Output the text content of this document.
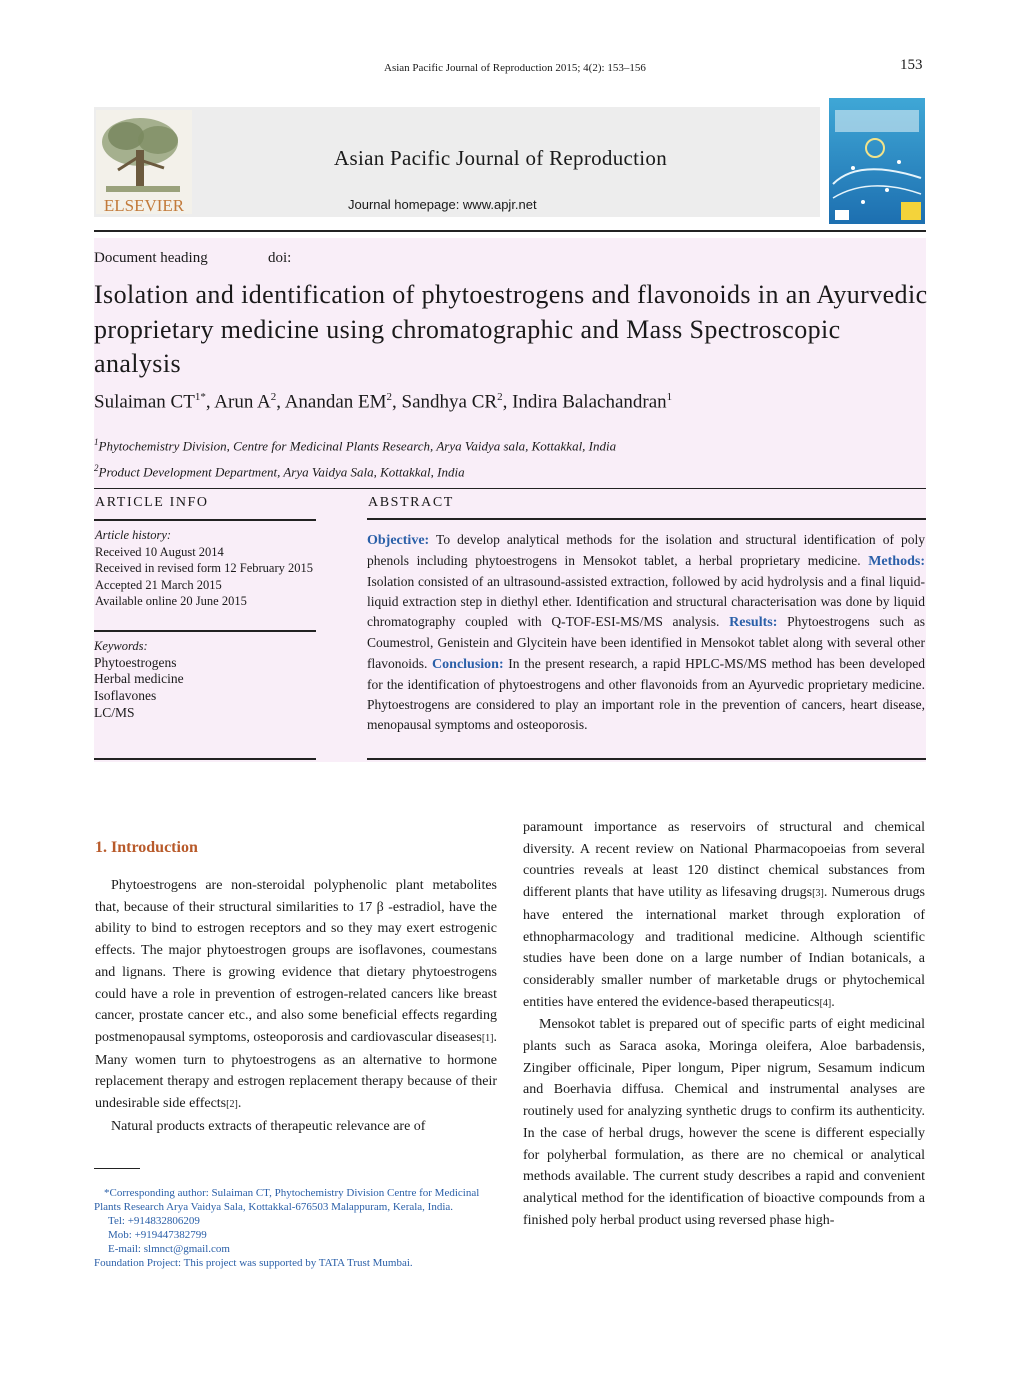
Asian Pacific Journal of Reproduction 2015; 4(2): 153–156	153
ELSEVIER
Asian Pacific Journal of Reproduction
Journal homepage: www.apjr.net
Document heading	doi:
Isolation and identification of phytoestrogens and flavonoids in an Ayurvedic proprietary medicine using chromatographic and Mass Spectroscopic analysis
Sulaiman $CT^{1*}$, Arun $A^2$, Anandan $EM^2$, Sandhya $CR^2$, Indira Balachandran$^1$
$^1$Phytochemistry Division, Centre for Medicinal Plants Research, Arya Vaidya sala, Kottakkal, India
$^2$Product Development Department, Arya Vaidya Sala, Kottakkal, India
ARTICLE INFO
Article history:
Received 10 August 2014
Received in revised form 12 February 2015
Accepted 21 March 2015
Available online 20 June 2015
Keywords:
Phytoestrogens
Herbal medicine
Isoflavones
LC/MS
ABSTRACT
Objective: To develop analytical methods for the isolation and structural identification of poly phenols including phytoestrogens in Mensokot tablet, a herbal proprietary medicine. Methods: Isolation consisted of an ultrasound-assisted extraction, followed by acid hydrolysis and a final liquid-liquid extraction step in diethyl ether. Identification and structural characterisation was done by liquid chromatography coupled with Q-TOF-ESI-MS/MS analysis. Results: Phytoestrogens such as Coumestrol, Genistein and Glycitein have been identified in Mensokot tablet along with several other flavonoids. Conclusion: In the present research, a rapid HPLC-MS/MS method has been developed for the identification of phytoestrogens and other flavonoids from an Ayurvedic proprietary medicine. Phytoestrogens are considered to play an important role in the prevention of cancers, heart disease, menopausal symptoms and osteoporosis.
1. Introduction

Phytoestrogens are non-steroidal polyphenolic plant metabolites that, because of their structural similarities to 17 β -estradiol, have the ability to bind to estrogen receptors and so they may exert estrogenic effects. The major phytoestrogen groups are isoflavones, coumestans and lignans. There is growing evidence that dietary phytoestrogens could have a role in prevention of estrogen-related cancers like breast cancer, prostate cancer etc., and also some beneficial effects regarding postmenopausal symptoms, osteoporosis and cardiovascular diseases[1]. Many women turn to phytoestrogens as an alternative to hormone replacement therapy and estrogen replacement therapy because of their undesirable side effects[2].

Natural products extracts of therapeutic relevance are of

paramount importance as reservoirs of structural and chemical diversity. A recent review on National Pharmacopoeias from several countries reveals at least 120 distinct chemical substances from different plants that have utility as lifesaving drugs[3]. Numerous drugs have entered the international market through exploration of ethnopharmacology and traditional medicine. Although scientific studies have been done on a large number of Indian botanicals, a considerably smaller number of marketable drugs or phytochemical entities have entered the evidence-based therapeutics[4].

Mensokot tablet is prepared out of specific parts of eight medicinal plants such as Saraca asoka, Moringa oleifera, Aloe barbadensis, Zingiber officinale, Piper longum, Piper nigrum, Sesamum indicum and Boerhavia diffusa. Chemical and instrumental analyses are routinely used for analyzing synthetic drugs to confirm its authenticity. In the case of herbal drugs, however the scene is different especially for polyherbal formulation, as there are no chemical or analytical methods available. The current study describes a rapid and convenient analytical method for the identification of bioactive compounds from a finished poly herbal product using reversed phase high-

*Corresponding author: Sulaiman CT, Phytochemistry Division Centre for Medicinal Plants Research Arya Vaidya Sala, Kottakkal-676503 Malappuram, Kerala, India.
Tel: +914832806209
Mob: +919447382799
E-mail: slmnct@gmail.com
Foundation Project: This project was supported by TATA Trust Mumbai.
